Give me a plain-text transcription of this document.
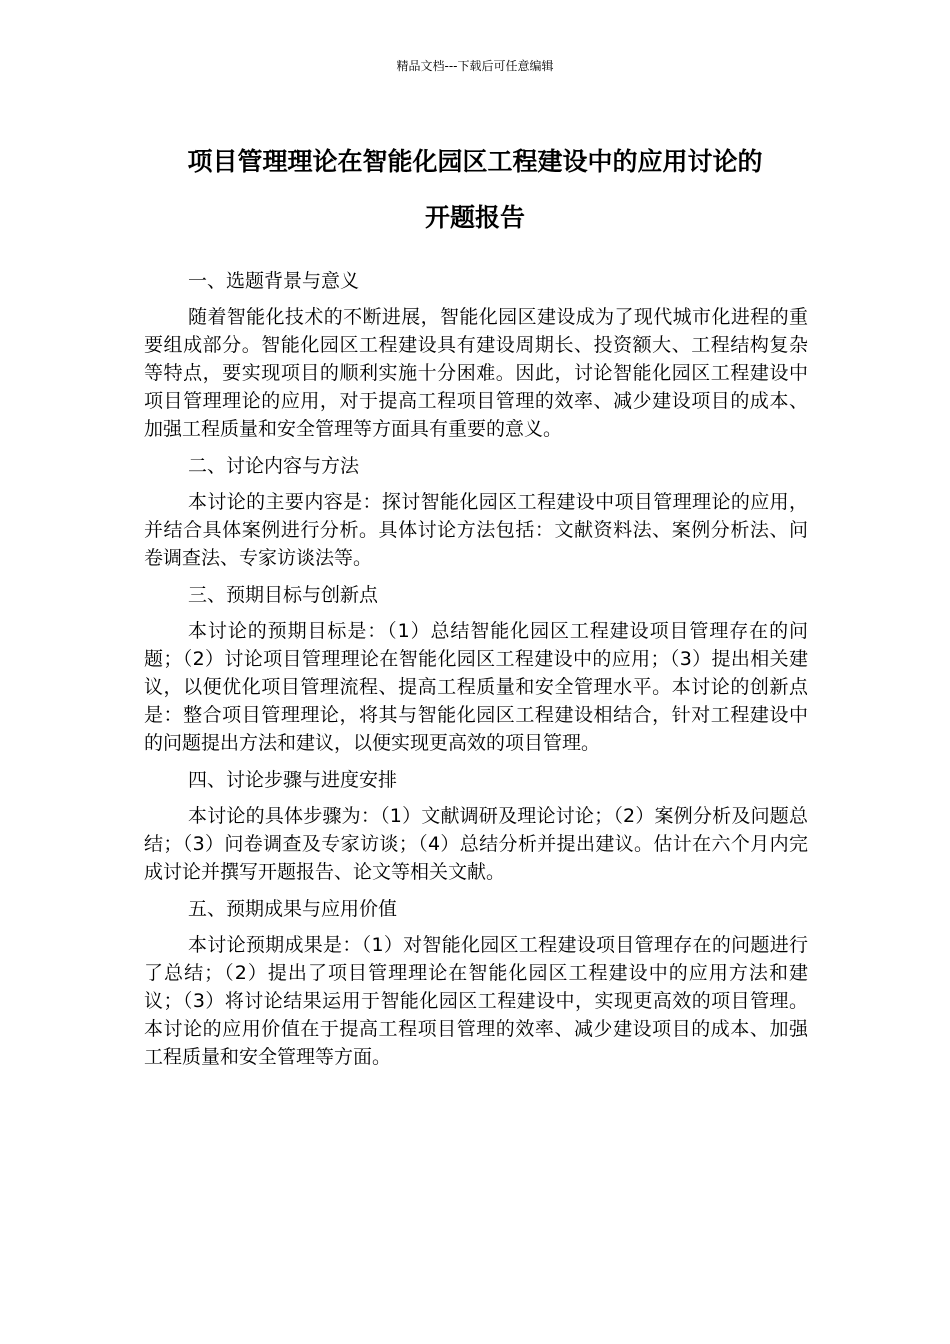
精品文档---下载后可任意编辑
项目管理理论在智能化园区工程建设中的应用讨论的
开题报告

一、选题背景与意义

随着智能化技术的不断进展，智能化园区建设成为了现代城市化进程的重要组成部分。智能化园区工程建设具有建设周期长、投资额大、工程结构复杂等特点，要实现项目的顺利实施十分困难。因此，讨论智能化园区工程建设中项目管理理论的应用，对于提高工程项目管理的效率、减少建设项目的成本、加强工程质量和安全管理等方面具有重要的意义。

二、讨论内容与方法

本讨论的主要内容是：探讨智能化园区工程建设中项目管理理论的应用，并结合具体案例进行分析。具体讨论方法包括：文献资料法、案例分析法、问卷调查法、专家访谈法等。

三、预期目标与创新点

本讨论的预期目标是：（1）总结智能化园区工程建设项目管理存在的问题；（2）讨论项目管理理论在智能化园区工程建设中的应用；（3）提出相关建议，以便优化项目管理流程、提高工程质量和安全管理水平。本讨论的创新点是：整合项目管理理论，将其与智能化园区工程建设相结合，针对工程建设中的问题提出方法和建议，以便实现更高效的项目管理。

四、讨论步骤与进度安排

本讨论的具体步骤为：（1）文献调研及理论讨论；（2）案例分析及问题总结；（3）问卷调查及专家访谈；（4）总结分析并提出建议。估计在六个月内完成讨论并撰写开题报告、论文等相关文献。

五、预期成果与应用价值

本讨论预期成果是：（1）对智能化园区工程建设项目管理存在的问题进行了总结；（2）提出了项目管理理论在智能化园区工程建设中的应用方法和建议；（3）将讨论结果运用于智能化园区工程建设中，实现更高效的项目管理。本讨论的应用价值在于提高工程项目管理的效率、减少建设项目的成本、加强工程质量和安全管理等方面。
